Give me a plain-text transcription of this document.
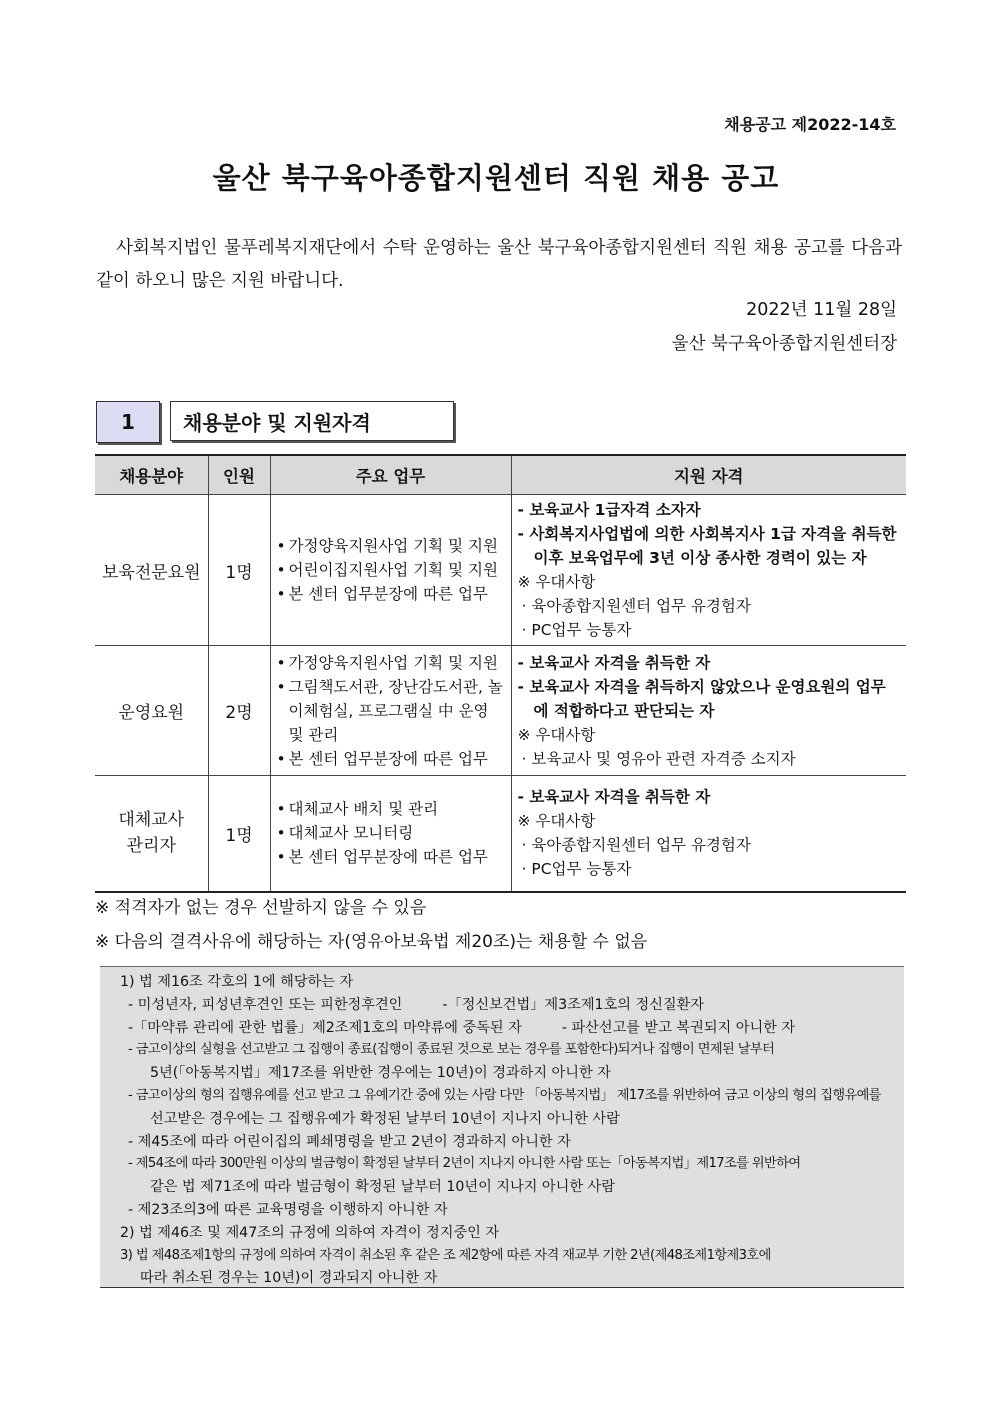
채용공고 제2022-14호
울산 북구육아종합지원센터 직원 채용 공고
사회복지법인 물푸레복지재단에서 수탁 운영하는 울산 북구육아종합지원센터 직원 채용 공고를 다음과 같이 하오니 많은 지원 바랍니다.
2022년 11월 28일
울산 북구육아종합지원센터장
1	채용분야 및 지원자격
채용분야	인원	주요 업무	지원 자격
보육전문요원	1명	• 가정양육지원사업 기획 및 지원
• 어린이집지원사업 기획 및 지원
• 본 센터 업무분장에 따른 업무	- 보육교사 1급자격 소자자
- 사회복지사업법에 의한 사회복지사 1급 자격을 취득한 이후 보육업무에 3년 이상 종사한 경력이 있는 자
※ 우대사항
· 육아종합지원센터 업무 유경험자
· PC업무 능통자

운영요원	2명	• 가정양육지원사업 기획 및 지원
• 그림책도서관, 장난감도서관, 놀이체험실, 프로그램실 中 운영 및 관리
• 본 센터 업무분장에 따른 업무	- 보육교사 자격을 취득한 자
- 보육교사 자격을 취득하지 않았으나 운영요원의 업무에 적합하다고 판단되는 자
※ 우대사항
· 보육교사 및 영유아 관련 자격증 소지자

대체교사 관리자	1명	• 대체교사 배치 및 관리
• 대체교사 모니터링
• 본 센터 업무분장에 따른 업무	- 보육교사 자격을 취득한 자
※ 우대사항
· 육아종합지원센터 업무 유경험자
· PC업무 능통자
※ 적격자가 없는 경우 선발하지 않을 수 있음
※ 다음의 결격사유에 해당하는 자(영유아보육법 제20조)는 채용할 수 없음
1) 법 제16조 각호의 1에 해당하는 자
- 미성년자, 피성년후견인 또는 피한정후견인	-「정신보건법」제3조제1호의 정신질환자
-「마약류 관리에 관한 법률」제2조제1호의 마약류에 중독된 자	- 파산선고를 받고 복권되지 아니한 자
- 금고이상의 실형을 선고받고 그 집행이 종료(집행이 종료된 것으로 보는 경우를 포함한다)되거나 집행이 면제된 날부터
5년(「아동복지법」제17조를 위반한 경우에는 10년)이 경과하지 아니한 자
- 금고이상의 형의 집행유예를 선고 받고 그 유예기간 중에 있는 사람 다만 「아동복지법」 제17조를 위반하여 금고 이상의 형의 집행유예를
선고받은 경우에는 그 집행유예가 확정된 날부터 10년이 지나지 아니한 사람
- 제45조에 따라 어린이집의 폐쇄명령을 받고 2년이 경과하지 아니한 자
- 제54조에 따라 300만원 이상의 벌금형이 확정된 날부터 2년이 지나지 아니한 사람 또는「아동복지법」제17조를 위반하여
같은 법 제71조에 따라 벌금형이 확정된 날부터 10년이 지나지 아니한 사람
- 제23조의3에 따른 교육명령을 이행하지 아니한 자
2) 법 제46조 및 제47조의 규정에 의하여 자격이 정지중인 자
3) 법 제48조제1항의 규정에 의하여 자격이 취소된 후 같은 조 제2항에 따른 자격 재교부 기한 2년(제48조제1항제3호에
따라 취소된 경우는 10년)이 경과되지 아니한 자
